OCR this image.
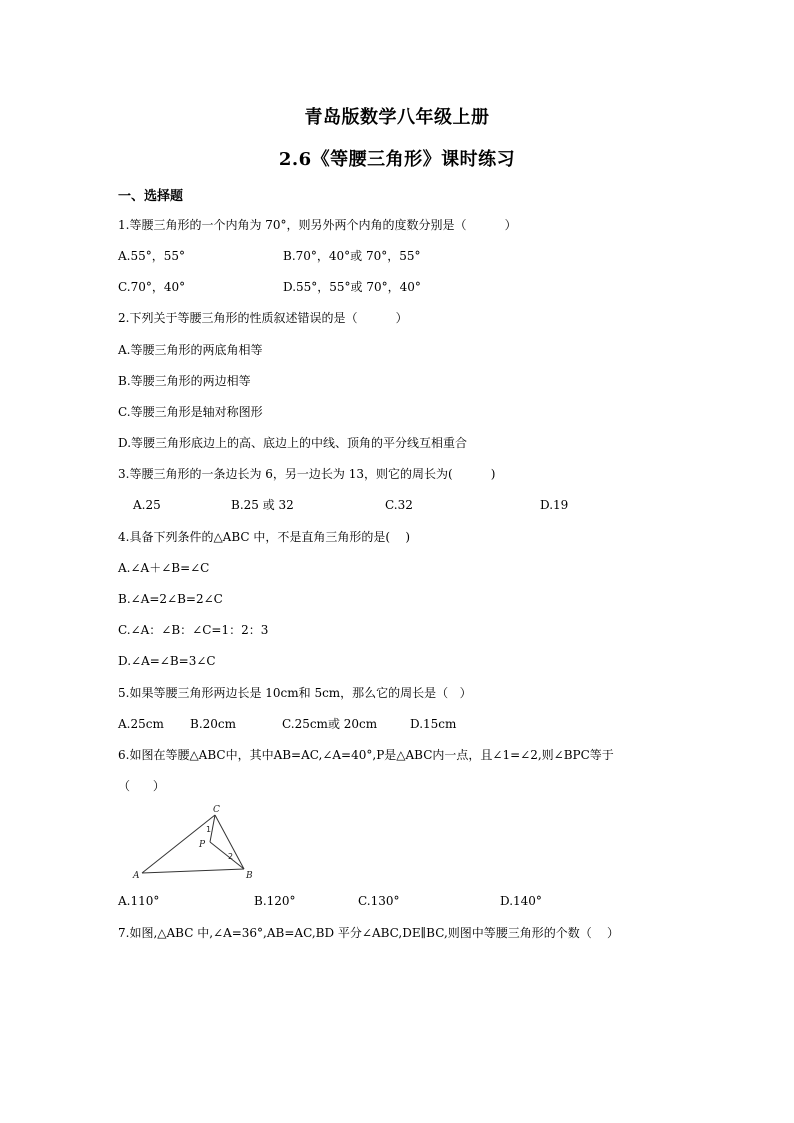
青岛版数学八年级上册
2.6《等腰三角形》课时练习
一、选择题
1.等腰三角形的一个内角为 70°，则另外两个内角的度数分别是（          ）
A.55°，55°	B.70°，40°或 70°，55°
C.70°，40°	D.55°，55°或 70°，40°
2.下列关于等腰三角形的性质叙述错误的是（          ）
A.等腰三角形的两底角相等
B.等腰三角形的两边相等
C.等腰三角形是轴对称图形
D.等腰三角形底边上的高、底边上的中线、顶角的平分线互相重合
3.等腰三角形的一条边长为 6，另一边长为 13，则它的周长为(          )
A.25	B.25 或 32	C.32	D.19
4.具备下列条件的△ABC 中，不是直角三角形的是(    )
A.∠A＋∠B=∠C
B.∠A=2∠B=2∠C
C.∠A：∠B：∠C=1：2：3
D.∠A=∠B=3∠C
5.如果等腰三角形两边长是 10cm和 5cm，那么它的周长是（   ）
A.25cm B.20cm	C.25cm或 20cm	D.15cm
6.如图在等腰△ABC中，其中AB=AC,∠A=40°,P是△ABC内一点，且∠1=∠2,则∠BPC等于
（      ）
C
A	B
P
1
2
A.110°	B.120°	C.130°	D.140°
7.如图,△ABC 中,∠A=36°,AB=AC,BD 平分∠ABC,DE∥BC,则图中等腰三角形的个数（    ）
